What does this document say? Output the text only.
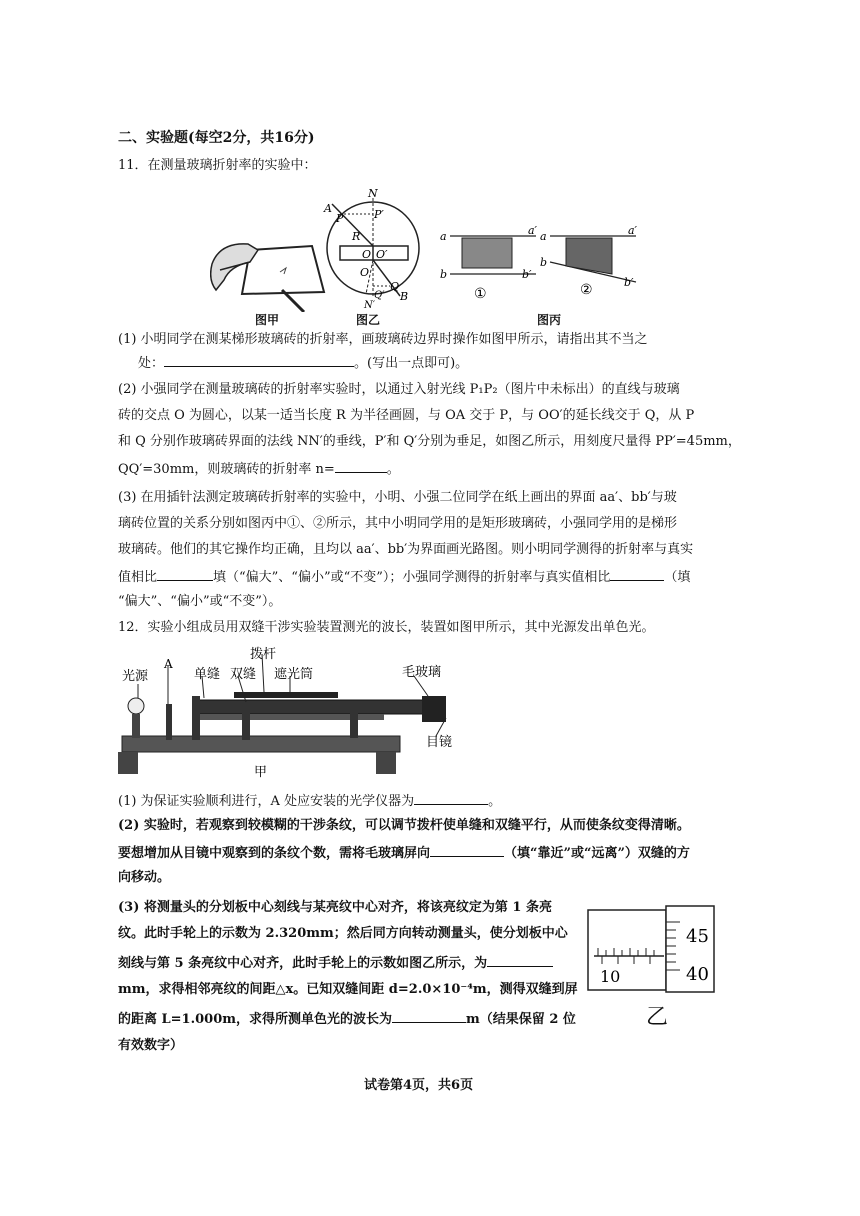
二、实验题(每空2分，共16分)
11．在测量玻璃折射率的实验中：
图甲
N
N′
A
B
P	P′
R
O O′
O
Q
Q′
图乙
a	a′
b	b′
①
a	a′
b
b′
②
图丙
(1) 小明同学在测某梯形玻璃砖的折射率，画玻璃砖边界时操作如图甲所示，请指出其不当之
处：	。(写出一点即可)。
(2) 小强同学在测量玻璃砖的折射率实验时，以通过入射光线 P₁P₂（图片中未标出）的直线与玻璃
砖的交点 O 为圆心，以某一适当长度 R 为半径画圆，与 OA 交于 P，与 OO′的延长线交于 Q，从 P
和 Q 分别作玻璃砖界面的法线 NN′的垂线，P′和 Q′分别为垂足，如图乙所示，用刻度尺量得 PP′=45mm，
QQ′=30mm，则玻璃砖的折射率 n=	。
(3) 在用插针法测定玻璃砖折射率的实验中，小明、小强二位同学在纸上画出的界面 aa′、bb′与玻
璃砖位置的关系分别如图丙中①、②所示，其中小明同学用的是矩形玻璃砖，小强同学用的是梯形
玻璃砖。他们的其它操作均正确，且均以 aa′、bb′为界面画光路图。则小明同学测得的折射率与真实
值相比	填（“偏大”、“偏小”或“不变”）；小强同学测得的折射率与真实值相比	（填
“偏大”、“偏小”或“不变”）。
12．实验小组成员用双缝干涉实验装置测光的波长，装置如图甲所示，其中光源发出单色光。
光源
A
单缝 双缝
拨杆
遮光筒	毛玻璃
目镜
甲
(1) 为保证实验顺利进行，A 处应安装的光学仪器为	。
(2) 实验时，若观察到较模糊的干涉条纹，可以调节拨杆使单缝和双缝平行，从而使条纹变得清晰。
要想增加从目镜中观察到的条纹个数，需将毛玻璃屏向	（填“靠近”或“远离”）双缝的方
向移动。
(3) 将测量头的分划板中心刻线与某亮纹中心对齐，将该亮纹定为第 1 条亮
纹。此时手轮上的示数为 2.320mm；然后同方向转动测量头，使分划板中心
刻线与第 5 条亮纹中心对齐，此时手轮上的示数如图乙所示，为
mm，求得相邻亮纹的间距△x。已知双缝间距 d=2.0×10⁻⁴m，测得双缝到屏
的距离 L=1.000m，求得所测单色光的波长为	m（结果保留 2 位
有效数字）
45
40
10
乙
试卷第4页，共6页
